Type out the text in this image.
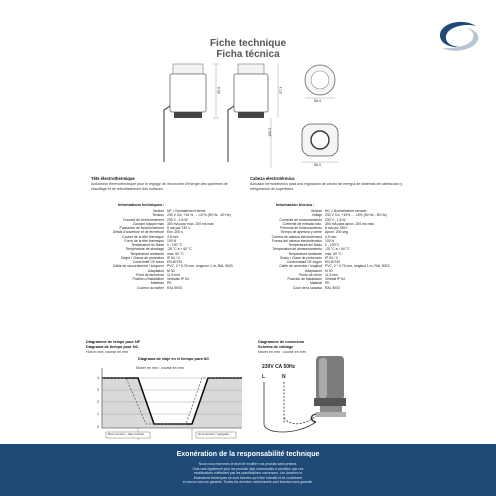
Fiche technique
Ficha técnica
60.8	57.3
100.0
56.4
56.0
Tête électrothermique
Actionneur thermoélectrique pour le réglage de l'économie d'énergie des systèmes de chauffage et de refroidissement des surfaces.
Informations techniques :
Version NF = Normalement fermé
Tension 230 V CA, +10 % ... -10 % (50 Hz - 60 Hz)
Courant de fonctionnement 230 V : 1.8 W
Courant d'appel max 300 mA pour max. 200 ms max
Puissance de fonctionnement 8 mA par 230 V
Délais d'ouverture et de fermeture Env. 200 s
Course de la tête thermique 4,5 mm
Force de la tête thermique 100 N
Température du fluide 0 - 100 °C
Température de stockage -25 °C à + 60 °C
Température ambiante max. 60 °C
Degré / Classe de protection IP 54 / II
Conformité CE selon EN 60730
Câble de raccordement / longueur PVC, 2 * 0,75 mm, longueur 1 m, RAL 9003
Adaptation M 30
Point de fermeture 11,5 mm
Position d'installation Verticale IP 54
Matériau PE
Couleur du boîtier RAL 9003
Cabeza electrotérmica
Actuador termoeléctrico para una regulación de ahorro de energía de sistemas de calefacción y refrigeración de superficies.
Información técnica :
Versión NC = Normalmente cerrado
Voltaje 230 V CA, +10% ... -10% (50 Hz - 60 Hz)
Corriente de funcionamiento 230 V : 1,8 W
Corriente de entrada máx. 300 mA para aprox. 200 ms máx.
Potencia de funcionamiento 8 mA por 230V
Tiempo de apertura y cierre Aprox. 200 seg.
Carrera de cabeza electrotérmica 4,5 mm
Fuerza del cabeza electrotérmico 100 N
Temperatura del fluido 0 - 100°C
Temperatura de almacenamiento -25 °C a + 60 °C
Temperatura ambiente máx. 60 °C
Grado / Clase de protección IP 54 / II
Conformidad CE según EN 60730
Cable de conexión / longitud PVC, 2 * 0,75 mm, longitud 1 m, RAL 9003
Adaptación M 30
Punto de cierre 11,5 mm
Posición de instalación Vertical IP 54
Material PE
Color de la carcasa RAL 9003
Diagramme de temps pour NF
Diagrama de tiempo pour NC
Hub in mm, course en mm
Diagrama de viaje en el tiempo para NC
Mover en mm ; course en mm
4
3
2
1
0
Bous tension - bajo tensión	Hors tension / apagado
Diagramme de connexion
Schéma de câblage
Mover en mm ; course en mm
230V CA 50Hz
L	N
Exonération de la responsabilité technique
Nous nous réservons le droit de modifier nos produits sans préavis.
Cela vaut également pour les produits déjà commandés à condition que ces
modifications n'affectent pas les spécifications convenues. Les données et
illustrations techniques ne sont fournies qu'à titre indicatif et ne constituent
en aucun cas une garantie. Toutes les données mentionnées sont fournies sans garantie.
